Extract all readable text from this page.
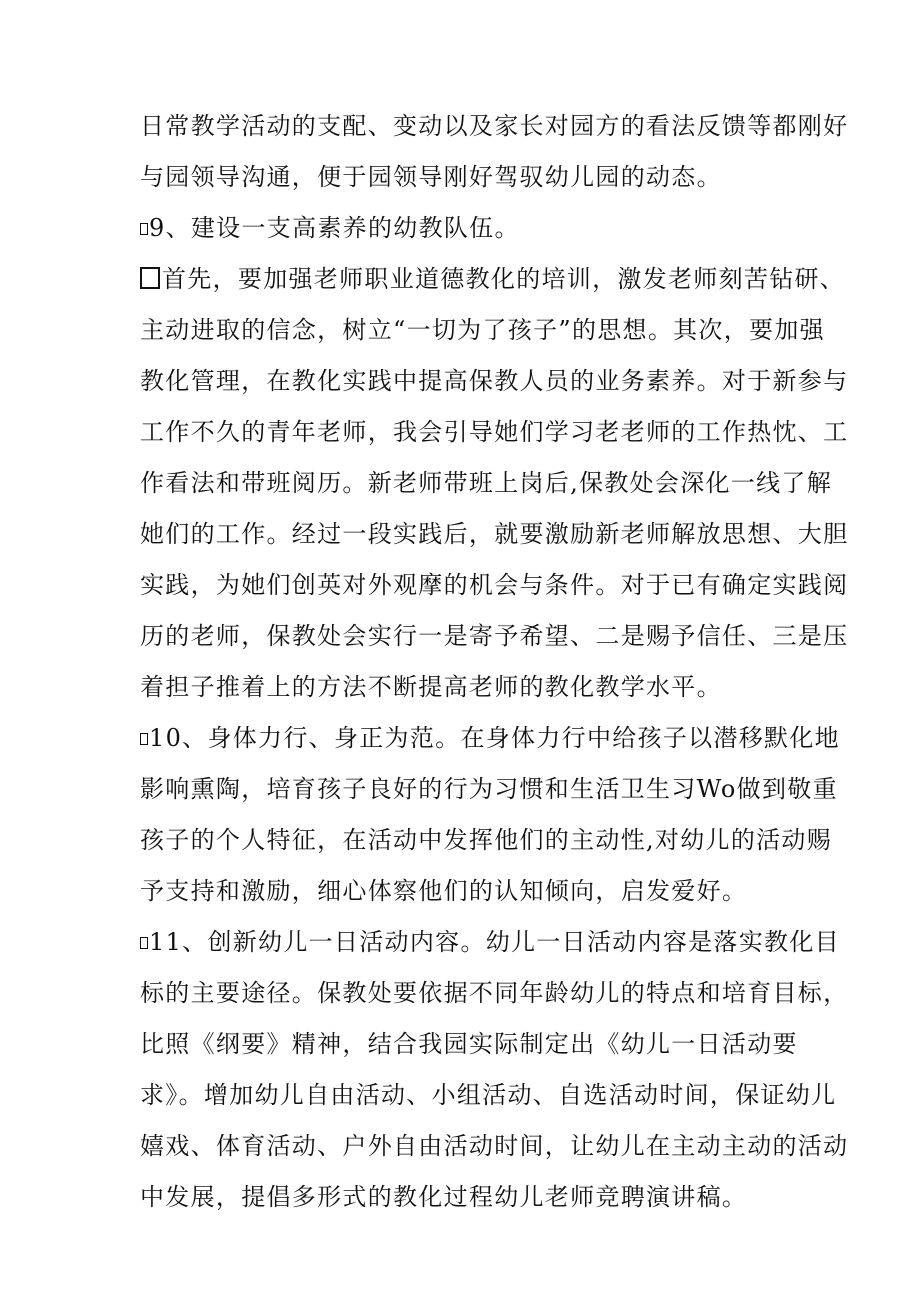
日常教学活动的支配、变动以及家长对园方的看法反馈等都刚好
与园领导沟通，便于园领导刚好驾驭幼儿园的动态。
9、建设一支高素养的幼教队伍。
首先，要加强老师职业道德教化的培训，激发老师刻苦钻研、
主动进取的信念，树立“一切为了孩子”的思想。其次，要加强
教化管理，在教化实践中提高保教人员的业务素养。对于新参与
工作不久的青年老师，我会引导她们学习老老师的工作热忱、工
作看法和带班阅历。新老师带班上岗后,保教处会深化一线了解
她们的工作。经过一段实践后，就要激励新老师解放思想、大胆
实践，为她们创英对外观摩的机会与条件。对于已有确定实践阅
历的老师，保教处会实行一是寄予希望、二是赐予信任、三是压
着担子推着上的方法不断提高老师的教化教学水平。
10、身体力行、身正为范。在身体力行中给孩子以潜移默化地
影响熏陶，培育孩子良好的行为习惯和生活卫生习Wo做到敬重
孩子的个人特征，在活动中发挥他们的主动性,对幼儿的活动赐
予支持和激励，细心体察他们的认知倾向，启发爱好。
11、创新幼儿一日活动内容。幼儿一日活动内容是落实教化目
标的主要途径。保教处要依据不同年龄幼儿的特点和培育目标，
比照《纲要》精神，结合我园实际制定出《幼儿一日活动要
求》。增加幼儿自由活动、小组活动、自选活动时间，保证幼儿
嬉戏、体育活动、户外自由活动时间，让幼儿在主动主动的活动
中发展，提倡多形式的教化过程幼儿老师竞聘演讲稿。
